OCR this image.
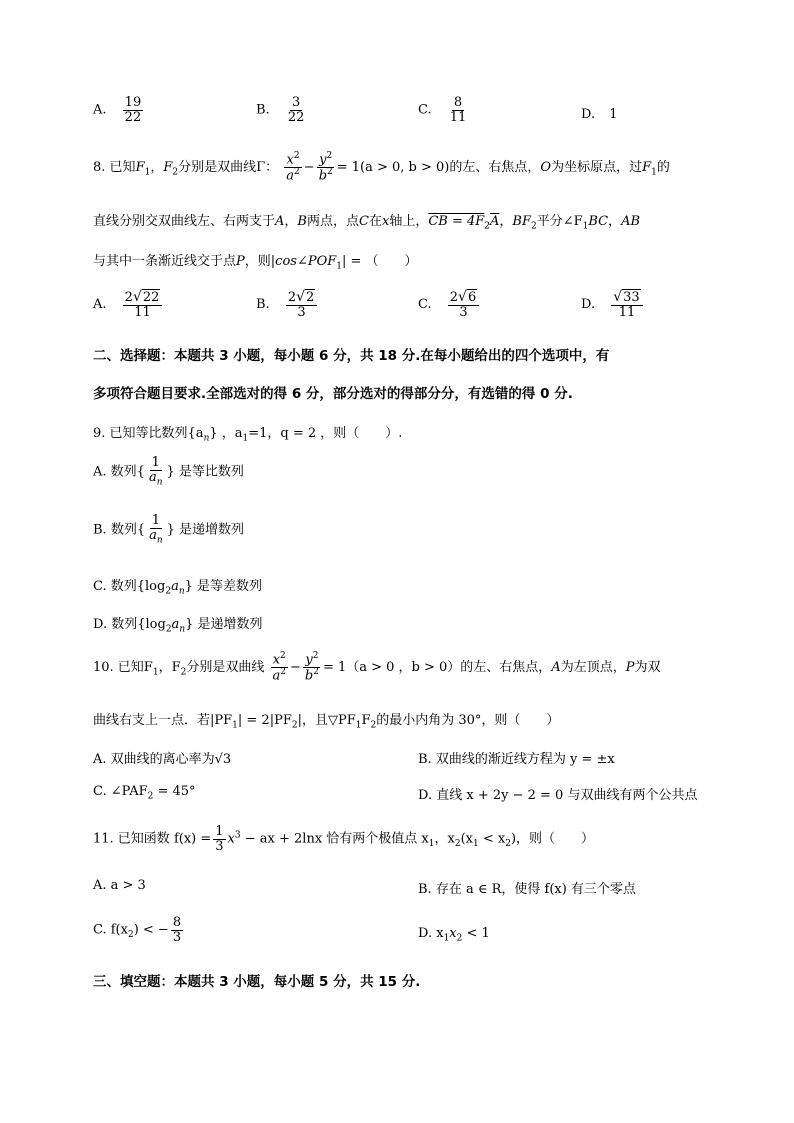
A. $\frac{19}{22}$	B. $\frac{3}{22}$	C. $\frac{8}{11}$	D. 1
8. 已知$F_1$，$F_2$分别是双曲线Γ： $\frac{x^2}{a^2} - \frac{y^2}{b^2} = 1(a > 0$, b > 0)的左、右焦点，O为坐标原点，过$F_1$的
直线分别交双曲线左、右两支于A，B两点，点C在x轴上，CB = $4F_2\overline{A}$，$BF_2$平分$\angle F_1BC$，AB
与其中一条渐近线交于点P，则$|\cos\angle POF_1|$ = （　　）
A. $\frac{2√22}{11}$	B. $\frac{2√2}{3}$	C. $\frac{2√6}{3}$	D. $\frac{√33}{11}$
二、选择题：本题共 3 小题，每小题 6 分，共 18 分.在每小题给出的四个选项中，有
多项符合题目要求.全部选对的得 6 分，部分选对的得部分分，有选错的得 0 分.
9. 已知等比数列$\{a_n\}$ ，$a_1=1$，q = 2 ，则（　　）.
A. 数列{ $\frac{1}{a_n}$ } 是等比数列
B. 数列{ $\frac{1}{a_n}$ } 是递增数列
C. 数列$\{\log_2a_n\}$ 是等差数列
D. 数列$\{\log_2a_n\}$ 是递增数列
10. 已知$F_1$，$F_2$分别是双曲线 $\frac{x^2}{a^2} - \frac{y^2}{b^2} = 1(a > 0$ ，b > 0）的左、右焦点，A为左顶点，P为双
曲线右支上一点．若$|PF_1| = 2|PF_2|$，且$▽PF_1F_2$的最小内角为 30°，则（　　）
A. 双曲线的离心率为√3	B. 双曲线的渐近线方程为 y = ±x
C. $\angle PAF_2 = 45^\circ$	D. 直线 x + 2y − 2 = 0 与双曲线有两个公共点
11. 已知函数 $f(x) = \frac{1}{3} x^3$ − ax + 2lnx 恰有两个极值点 $x_1$，$x_2(x_1 < x_2)$，则（　　）
A. a > 3	B. 存在 a ∈ R，使得 f(x) 有三个零点
C. $f(x_2)$ < − $\frac{8}{3}$	D. $x_1x_2 < 1$
三、填空题：本题共 3 小题，每小题 5 分，共 15 分.
